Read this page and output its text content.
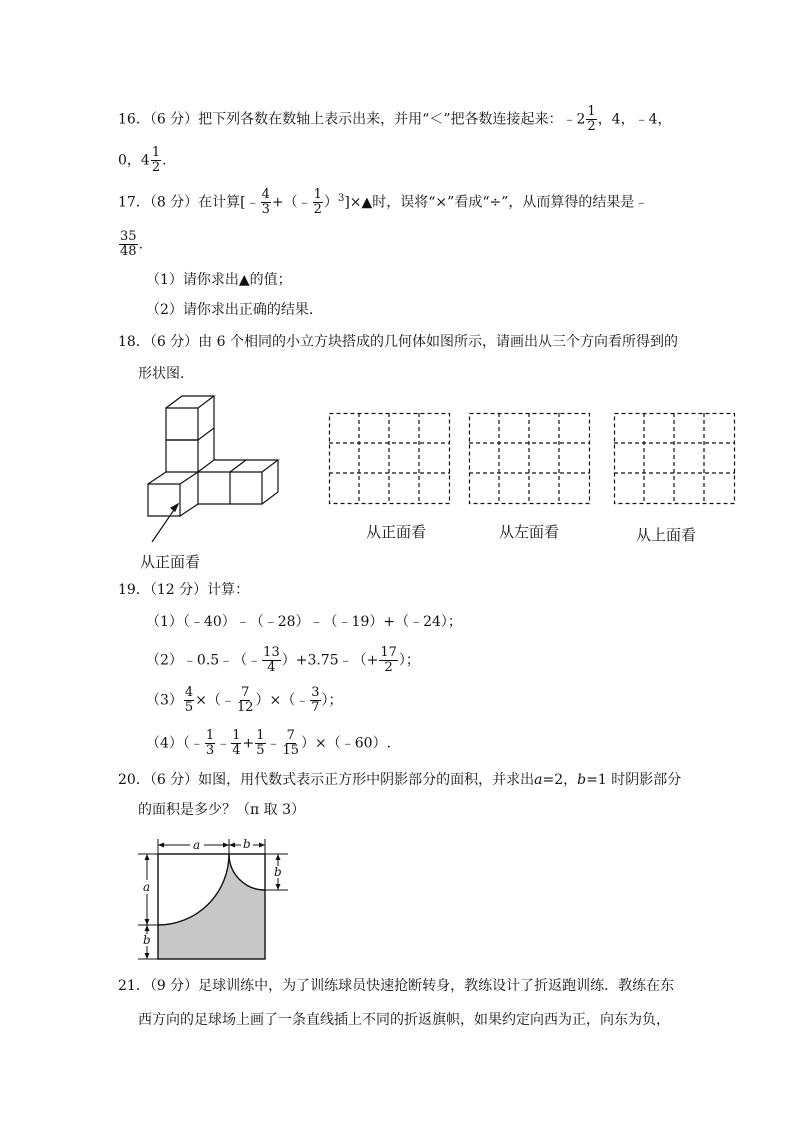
16．（6 分）把下列各数在数轴上表示出来，并用“＜”把各数连接起来：﹣2 $\frac{1}{2}$ ，4，﹣4，
0，$4 \frac{1}{2}$ .
17．（8 分）在计算[﹣ $\frac{4}{3}$ +（﹣ $\frac{1}{2}$ ）$^3$]×▲时，误将“×”看成“÷”，从而算得的结果是﹣
$\frac{35}{48}$ .
（1）请你求出▲的值；
（2）请你求出正确的结果.
18．（6 分）由 6 个相同的小立方块搭成的几何体如图所示，请画出从三个方向看所得到的
形状图.
从正面看
从正面看	从左面看	从上面看
19．（12 分）计算：
（1）（﹣40）﹣（﹣28）﹣（﹣19）+（﹣24）；
（2）﹣0.5﹣（﹣ $\frac{13}{4}$ ）+3.75﹣（+ $\frac{17}{2}$ ）；
$(3) \frac{4}{5}$ ×（﹣ $\frac{7}{12}$ ）×（﹣ $\frac{3}{7}$ ）；
（4）（﹣ $\frac{1}{3}$ ﹣ $\frac{1}{4} + \frac{1}{5}$ ﹣ $\frac{7}{15}$ ）×（﹣60）.
20．（6 分）如图，用代数式表示正方形中阴影部分的面积，并求出a=2，b=1 时阴影部分
的面积是多少？（π 取 3）
a	b
a
b
b
21．（9 分）足球训练中，为了训练球员快速抢断转身，教练设计了折返跑训练．教练在东
西方向的足球场上画了一条直线插上不同的折返旗帜，如果约定向西为正，向东为负，
